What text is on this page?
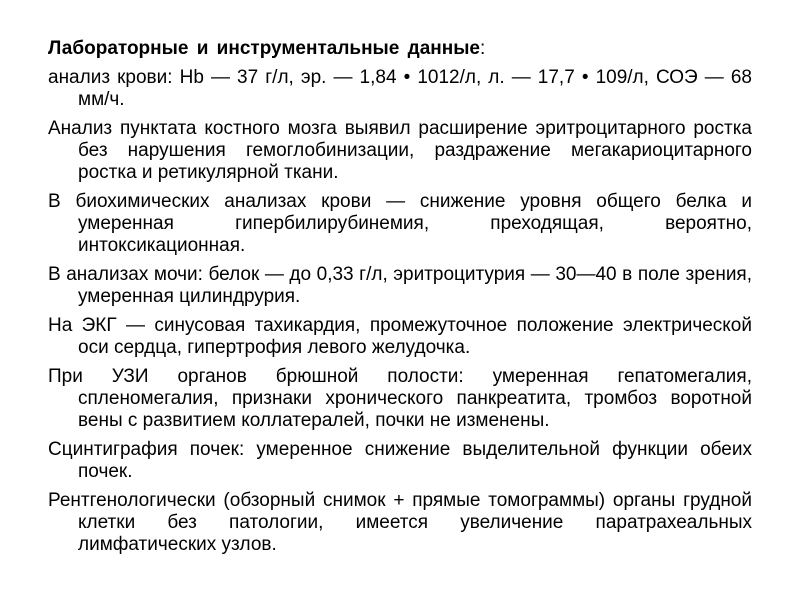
Лабораторные и инструментальные данные:

анализ крови: Hb — 37 г/л, эр. — 1,84 • 1012/л, л. — 17,7 • 109/л, СОЭ — 68 мм/ч.

Анализ пунктата костного мозга выявил расширение эритроцитарного ростка без нарушения гемоглобинизации, раздражение мегакариоцитарного ростка и ретикулярной ткани.

В биохимических анализах крови — снижение уровня общего белка и умеренная гипербилирубинемия, преходящая, вероятно, интоксикационная.

В анализах мочи: белок — до 0,33 г/л, эритроцитурия — 30—40 в поле зрения, умеренная цилиндрурия.

На ЭКГ — синусовая тахикардия, промежуточное положение электрической оси сердца, гипертрофия левого желудочка.

При УЗИ органов брюшной полости: умеренная гепатомегалия, спленомегалия, признаки хронического панкреатита, тромбоз воротной вены с развитием коллатералей, почки не изменены.

Сцинтиграфия почек: умеренное снижение выделительной функции обеих почек.

Рентгенологически (обзорный снимок + прямые томограммы) органы грудной клетки без патологии, имеется увеличение паратрахеальных лимфатических узлов.
